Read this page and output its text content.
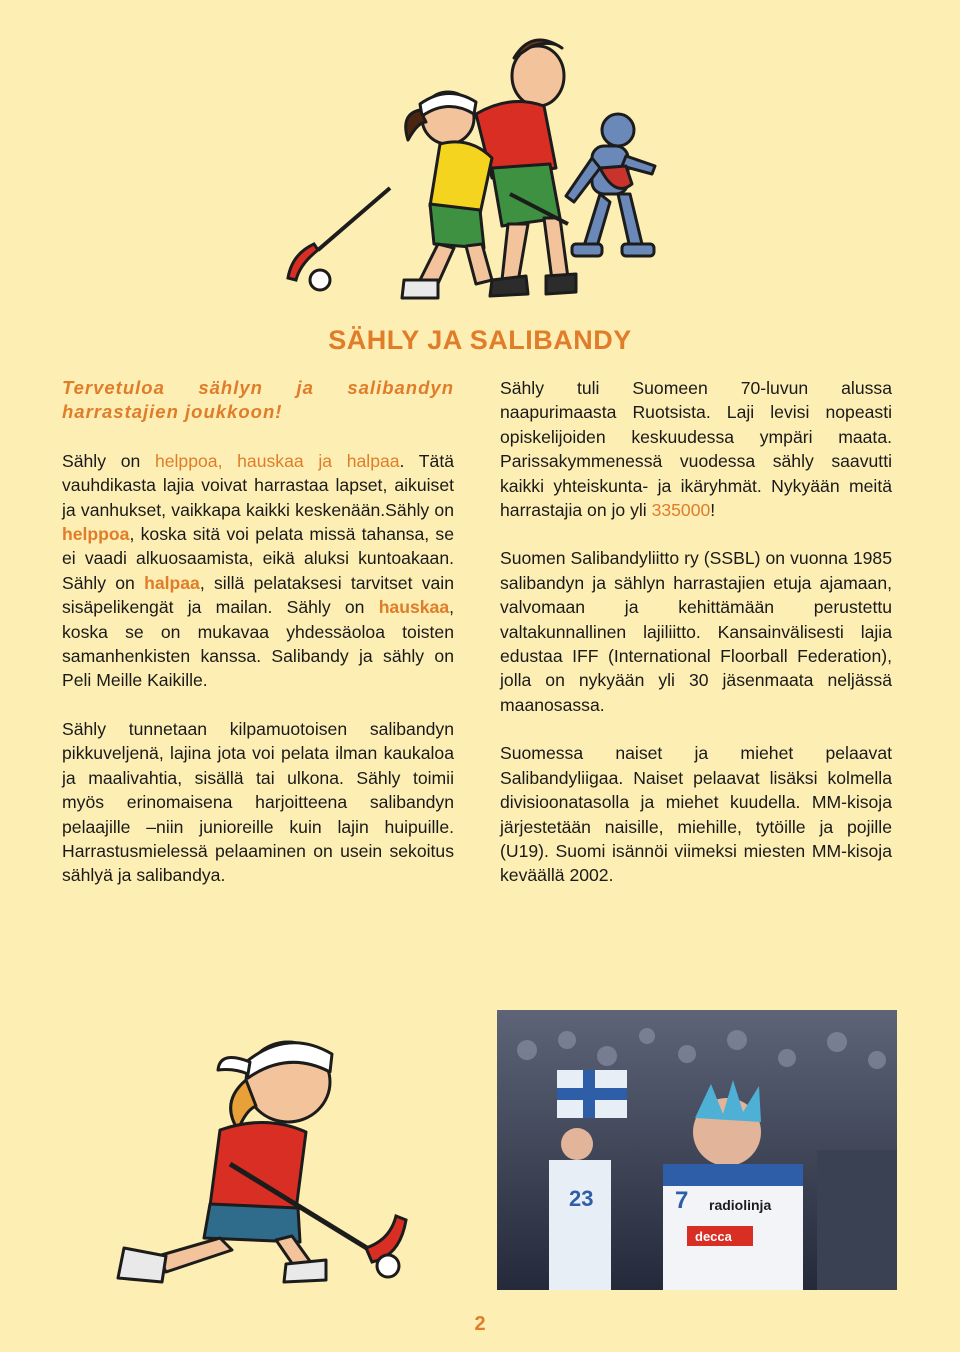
SÄHLY JA SALIBANDY

Tervetuloa sählyn ja salibandyn harrastajien joukkoon!

Sähly on helppoa, hauskaa ja halpaa. Tätä vauhdikasta lajia voivat harrastaa lapset, aikuiset ja vanhukset, vaikkapa kaikki keskenään.Sähly on helppoa, koska sitä voi pelata missä tahansa, se ei vaadi alkuosaamista, eikä aluksi kuntoakaan. Sähly on halpaa, sillä pelataksesi tarvitset vain sisäpelikengät ja mailan. Sähly on hauskaa, koska se on mukavaa yhdessäoloa toisten samanhenkisten kanssa. Salibandy ja sähly on Peli Meille Kaikille.

Sähly tunnetaan kilpamuotoisen salibandyn pikkuveljenä, lajina jota voi pelata ilman kaukaloa ja maalivahtia, sisällä tai ulkona. Sähly toimii myös erinomaisena harjoitteena salibandyn pelaajille –niin junioreille kuin lajin huipuille. Harrastusmielessä pelaaminen on usein sekoitus sählyä ja salibandya.

Sähly tuli Suomeen 70-luvun alussa naapurimaasta Ruotsista. Laji levisi nopeasti opiskelijoiden keskuudessa ympäri maata. Parissakymmenessä vuodessa sähly saavutti kaikki yhteiskunta- ja ikäryhmät. Nykyään meitä harrastajia on jo yli 335000!

Suomen Salibandyliitto ry (SSBL) on vuonna 1985 salibandyn ja sählyn harrastajien etuja ajamaan, valvomaan ja kehittämään perustettu valtakunnallinen lajiliitto. Kansainvälisesti lajia edustaa IFF (International Floorball Federation), jolla on nykyään yli 30 jäsenmaata neljässä maanosassa.

Suomessa naiset ja miehet pelaavat Salibandyliigaa. Naiset pelaavat lisäksi kolmella divisioonatasolla ja miehet kuudella. MM-kisoja järjestetään naisille, miehille, tytöille ja pojille (U19). Suomi isännöi viimeksi miesten MM-kisoja keväällä 2002.

23	radiolinja
decca
7
2
